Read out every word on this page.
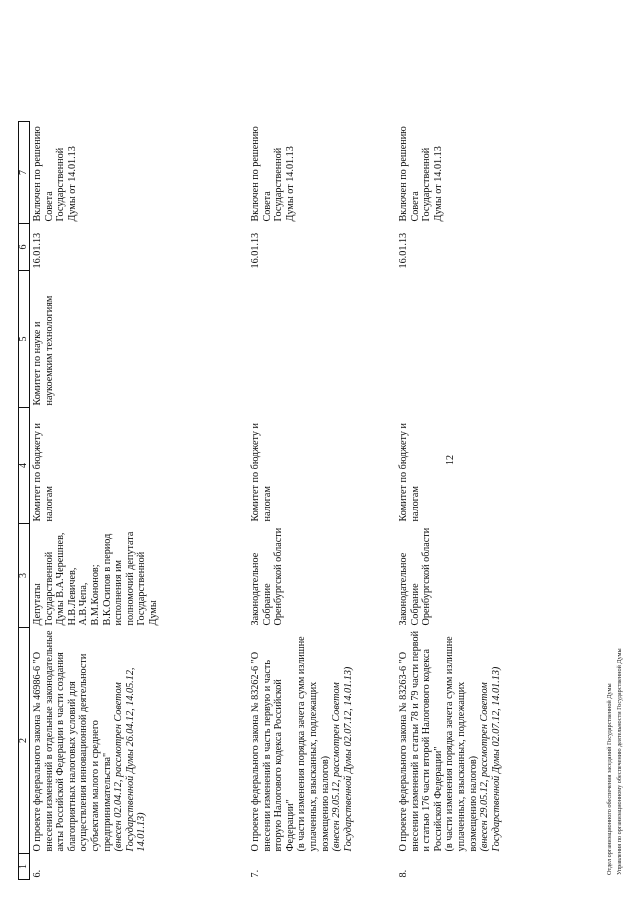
12
1	2	3	4	5	6	7
6.	О проекте федерального закона № 46986-6 "О внесении изменений в отдельные законодательные акты Российской Федерации в части создания благоприятных налоговых условий для осуществления инновационной деятельности субъектами малого и среднего предпринимательства" (внесен 02.04.12, рассмотрен Советом Государственной Думы 26.04.12, 14.05.12, 14.01.13)	Депутаты Государственной Думы В.А.Черешнев, Н.В.Левичев, А.В.Чепа, В.М.Кононов; В.К.Осипов в период исполнения им полномочий депутата Государственной Думы	Комитет по бюджету и налогам	Комитет по науке и наукоемким технологиям	16.01.13	Включен по решению Совета Государственной Думы от 14.01.13
7.	О проекте федерального закона № 83262-6 "О внесении изменений в часть первую и часть вторую Налогового кодекса Российской Федерации" (в части изменения порядка зачета сумм излишне уплаченных, взысканных, подлежащих возмещению налогов) (внесен 29.05.12, рассмотрен Советом Государственной Думы 02.07.12, 14.01.13)	Законодательное Собрание Оренбургской области	Комитет по бюджету и налогам		16.01.13	Включен по решению Совета Государственной Думы от 14.01.13
8.	О проекте федерального закона № 83263-6 "О внесении изменений в статьи 78 и 79 части первой и статью 176 части второй Налогового кодекса Российской Федерации" (в части изменения порядка зачета сумм излишне уплаченных, взысканных, подлежащих возмещению налогов) (внесен 29.05.12, рассмотрен Советом Государственной Думы 02.07.12, 14.01.13)	Законодательное Собрание Оренбургской области	Комитет по бюджету и налогам		16.01.13	Включен по решению Совета Государственной Думы от 14.01.13
Отдел организационного обеспечения заседаний Государственной Думы Управления по организационному обеспечению деятельности Государственной Думы
